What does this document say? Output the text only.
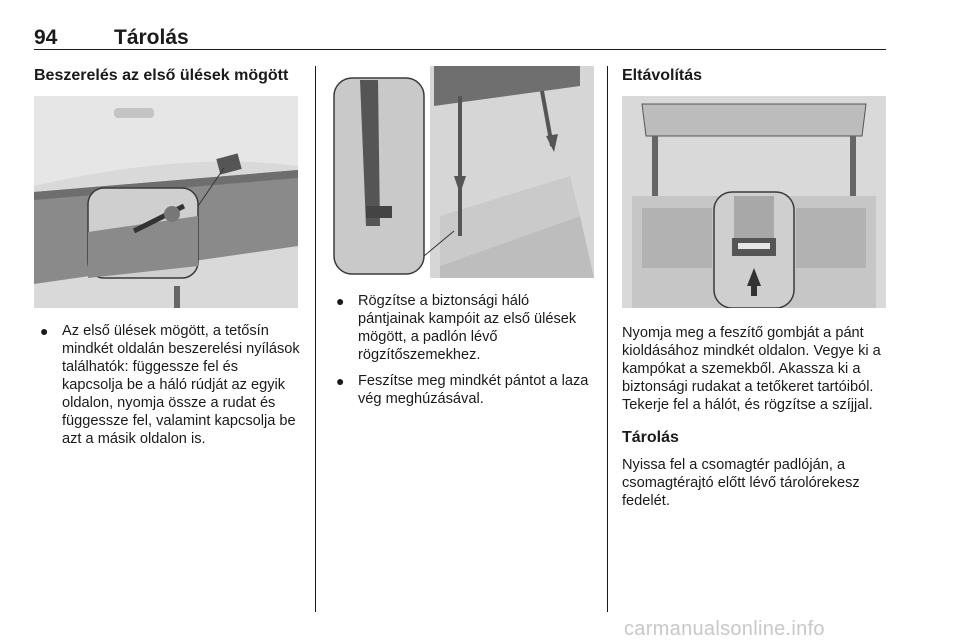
94	Tárolás
Beszerelés az első ülések mögött
● Az első ülések mögött, a tetősín mindkét oldalán beszerelési nyílások találhatók: függessze fel és kapcsolja be a háló rúdját az egyik oldalon, nyomja össze a rudat és függessze fel, valamint kapcsolja be azt a másik oldalon is.
● Rögzítse a biztonsági háló pántjainak kampóit az első ülések mögött, a padlón lévő rögzítőszemekhez.
● Feszítse meg mindkét pántot a laza vég meghúzásával.
Eltávolítás

Nyomja meg a feszítő gombját a pánt kioldásához mindkét oldalon. Vegye ki a kampókat a szemekből. Akassza ki a biztonsági rudakat a tetőkeret tartóiból. Tekerje fel a hálót, és rögzítse a szíjjal.

Tárolás

Nyissa fel a csomagtér padlóján, a csomagtérajtó előtt lévő tárolórekesz fedelét.

carmanualsonline.info
